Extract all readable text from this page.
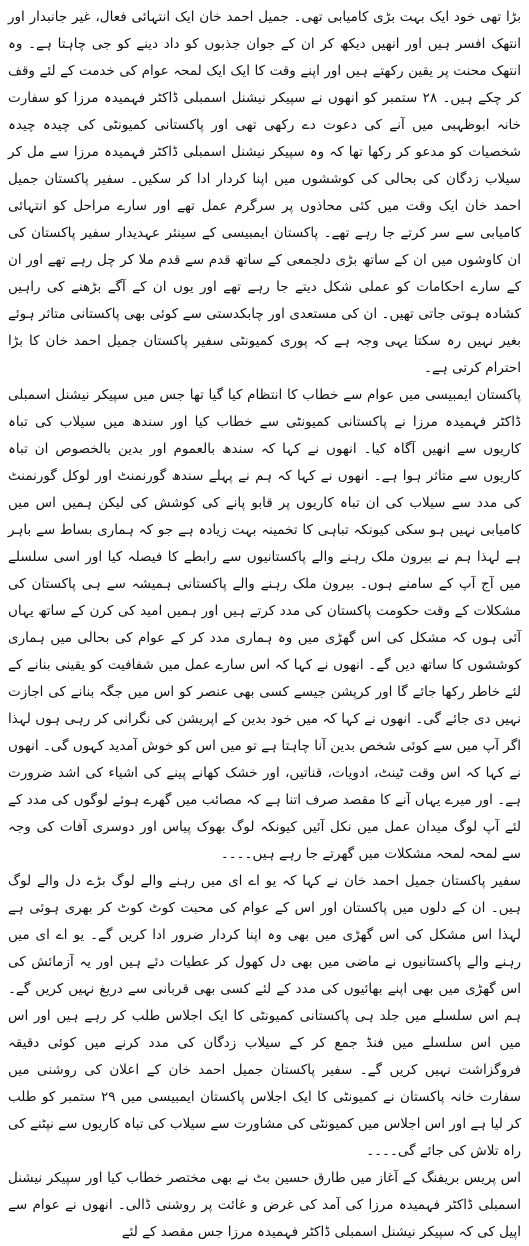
بڑا تھی خود ایک بہت بڑی کامیابی تھی۔ جمیل احمد خان ایک انتہائی فعال، غیر جانبدار اور انتھک افسر ہیں اور انھیں دیکھ کر ان کے جوان جذبوں کو داد دینے کو جی چاہتا ہے۔ وہ انتھک محنت پر یقین رکھتے ہیں اور اپنے وقت کا ایک ایک لمحہ عوام کی خدمت کے لئے وقف کر چکے ہیں۔ ۲۸ ستمبر کو انھوں نے سپیکر نیشنل اسمبلی ڈاکٹر فہمیدہ مرزا کو سفارت خانہ ابوظہبی میں آنے کی دعوت دے رکھی تھی اور پاکستانی کمیونٹی کی چیدہ چیدہ شخصیات کو مدعو کر رکھا تھا کہ وہ سپیکر نیشنل اسمبلی ڈاکٹر فہمیدہ مرزا سے مل کر سیلاب زدگان کی بحالی کی کوششوں میں اپنا کردار ادا کر سکیں۔ سفیر پاکستان جمیل احمد خان ایک وقت میں کئی محاذوں پر سرگرم عمل تھے اور سارے مراحل کو انتہائی کامیابی سے سر کرتے جا رہے تھے۔ پاکستان ایمبیسی کے سینئر عہدیدار سفیر پاکستان کی ان کاوشوں میں ان کے ساتھ بڑی دلجمعی کے ساتھ قدم سے قدم ملا کر چل رہے تھے اور ان کے سارے احکامات کو عملی شکل دیتے جا رہے تھے اور یوں ان کے آگے بڑھنے کی راہیں کشادہ ہوتی جاتی تھیں۔ ان کی مستعدی اور چابکدستی سے کوئی بھی پاکستانی متاثر ہوئے بغیر نہیں رہ سکتا یہی وجہ ہے کہ پوری کمیونٹی سفیر پاکستان جمیل احمد خان کا بڑا احترام کرتی ہے۔

پاکستان ایمبیسی میں عوام سے خطاب کا انتظام کیا گیا تھا جس میں سپیکر نیشنل اسمبلی ڈاکٹر فہمیدہ مرزا نے پاکستانی کمیونٹی سے خطاب کیا اور سندھ میں سیلاب کی تباہ کاریوں سے انھیں آگاہ کیا۔ انھوں نے کہا کہ سندھ بالعموم اور بدین بالخصوص ان تباہ کاریوں سے متاثر ہوا ہے۔ انھوں نے کہا کہ ہم نے پہلے سندھ گورنمنٹ اور لوکل گورنمنٹ کی مدد سے سیلاب کی ان تباہ کاریوں پر قابو پانے کی کوشش کی لیکن ہمیں اس میں کامیابی نہیں ہو سکی کیونکہ تباہی کا تخمینہ بہت زیادہ ہے جو کہ ہماری بساط سے باہر ہے لہذا ہم نے بیرون ملک رہنے والے پاکستانیوں سے رابطے کا فیصلہ کیا اور اسی سلسلے میں آج آپ کے سامنے ہوں۔ بیرون ملک رہنے والے پاکستانی ہمیشہ سے ہی پاکستان کی مشکلات کے وقت حکومت پاکستان کی مدد کرتے ہیں اور ہمیں امید کی کرن کے ساتھ یہاں آئی ہوں کہ مشکل کی اس گھڑی میں وہ ہماری مدد کر کے عوام کی بحالی میں ہماری کوششوں کا ساتھ دیں گے۔ انھوں نے کہا کہ اس سارے عمل میں شفافیت کو یقینی بنانے کے لئے خاطر رکھا جائے گا اور کرپشن جیسے کسی بھی عنصر کو اس میں جگہ بنانے کی اجازت نہیں دی جائے گی۔ انھوں نے کہا کہ میں خود بدین کے اپریشن کی نگرانی کر رہی ہوں لہذا اگر آپ میں سے کوئی شخص بدین آنا چاہتا ہے تو میں اس کو خوش آمدید کہوں گی۔ انھوں نے کہا کہ اس وقت ٹینٹ، ادویات، قناتیں، اور خشک کھانے پینے کی اشیاء کی اشد ضرورت ہے۔ اور میرے یہاں آنے کا مقصد صرف اتنا ہے کہ مصائب میں گھرے ہوئے لوگوں کی مدد کے لئے آپ لوگ میدان عمل میں نکل آئیں کیونکہ لوگ بھوک پیاس اور دوسری آفات کی وجہ سے لمحہ لمحہ مشکلات میں گھرتے جا رہے ہیں۔۔۔۔

سفیر پاکستان جمیل احمد خان نے کہا کہ یو اے ای میں رہنے والے لوگ بڑے دل والے لوگ ہیں۔ ان کے دلوں میں پاکستان اور اس کے عوام کی محبت کوٹ کوٹ کر بھری ہوئی ہے لہذا اس مشکل کی اس گھڑی میں بھی وہ اپنا کردار ضرور ادا کریں گے۔ یو اے ای میں رہنے والے پاکستانیوں نے ماضی میں بھی دل کھول کر عطیات دئے ہیں اور یہ آزمائش کی اس گھڑی میں بھی اپنے بھائیوں کی مدد کے لئے کسی بھی قربانی سے دریغ نہیں کریں گے۔ ہم اس سلسلے میں جلد ہی پاکستانی کمیونٹی کا ایک اجلاس طلب کر رہے ہیں اور اس میں اس سلسلے میں فنڈ جمع کر کے سیلاب زدگان کی مدد کرنے میں کوئی دقیقہ فروگزاشت نہیں کریں گے۔ سفیر پاکستان جمیل احمد خان کے اعلان کی روشنی میں سفارت خانہ پاکستان نے کمیونٹی کا ایک اجلاس پاکستان ایمبیسی میں ۲۹ ستمبر کو طلب کر لیا ہے اور اس اجلاس میں کمیونٹی کی مشاورت سے سیلاب کی تباہ کاریوں سے نپٹنے کی راہ تلاش کی جائے گی۔۔۔۔

اس پریس بریفنگ کے آغاز میں طارق حسین بٹ نے بھی مختصر خطاب کیا اور سپیکر نیشنل اسمبلی ڈاکٹر فہمیدہ مرزا کی آمد کی غرض و غائت پر روشنی ڈالی۔ انھوں نے عوام سے اپیل کی کہ سپیکر نیشنل اسمبلی ڈاکٹر فہمیدہ مرزا جس مقصد کے لئے
